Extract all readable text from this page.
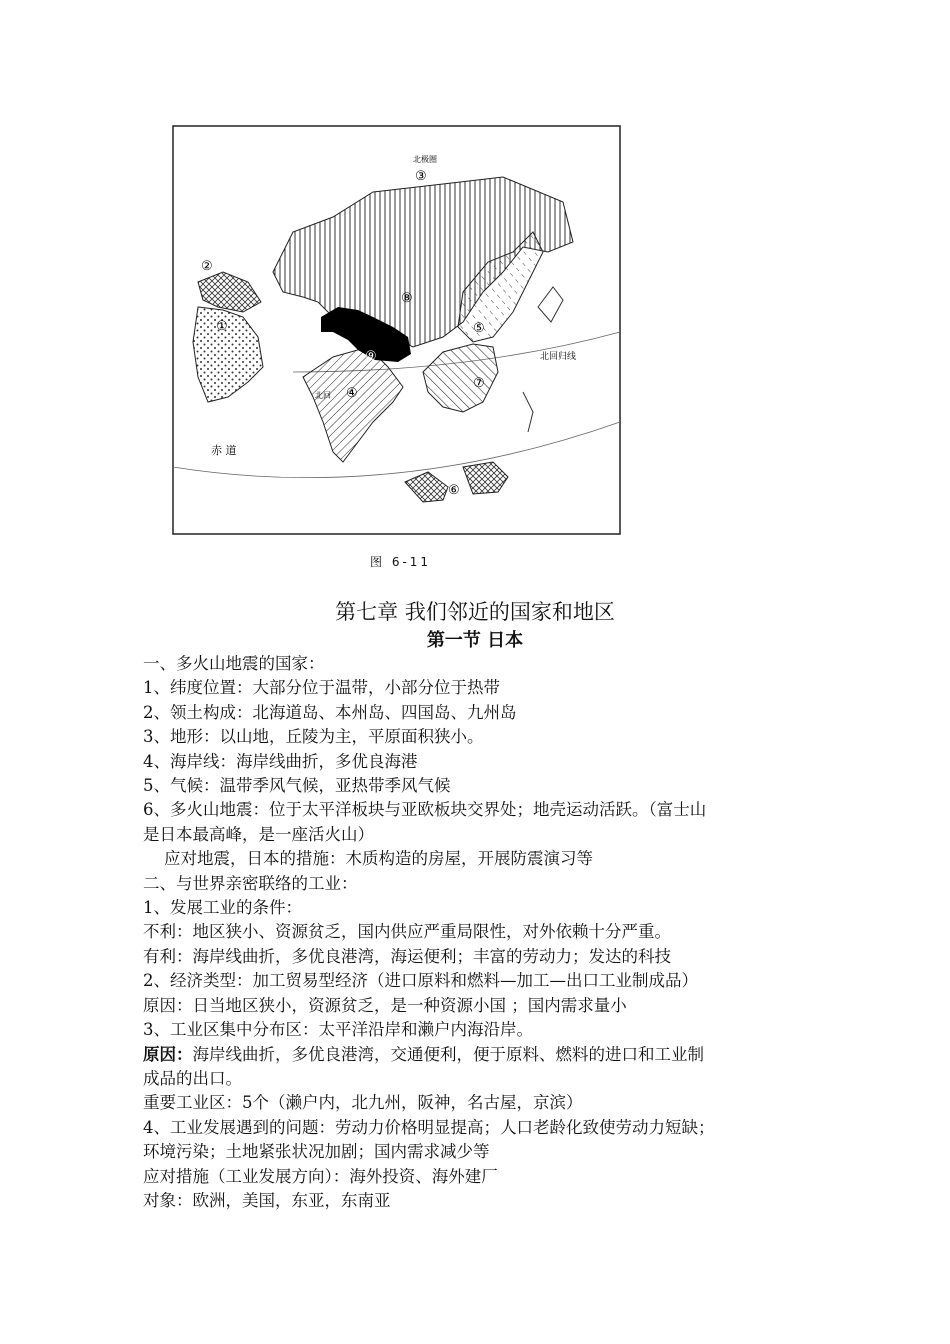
①
②
③
④
⑤
⑥
⑦
⑧
⑨
赤 道
北回归线
北回
北极圈
图 6-11
第七章 我们邻近的国家和地区
第一节 日本

一、多火山地震的国家：

1、纬度位置：大部分位于温带，小部分位于热带

2、领土构成：北海道岛、本州岛、四国岛、九州岛

3、地形：以山地，丘陵为主，平原面积狭小。

4、海岸线：海岸线曲折，多优良海港

5、气候：温带季风气候，亚热带季风气候

6、多火山地震：位于太平洋板块与亚欧板块交界处；地壳运动活跃。（富士山

是日本最高峰，是一座活火山）

应对地震，日本的措施：木质构造的房屋，开展防震演习等

二、与世界亲密联络的工业：

1、发展工业的条件：

不利：地区狭小、资源贫乏，国内供应严重局限性，对外依赖十分严重。

有利：海岸线曲折，多优良港湾，海运便利；丰富的劳动力；发达的科技

2、经济类型：加工贸易型经济（进口原料和燃料—加工—出口工业制成品）

原因：日当地区狭小，资源贫乏，是一种资源小国 ；国内需求量小

3、工业区集中分布区：太平洋沿岸和濑户内海沿岸。

原因：海岸线曲折，多优良港湾，交通便利，便于原料、燃料的进口和工业制

成品的出口。

重要工业区：5个（濑户内，北九州，阪神，名古屋，京滨）

4、工业发展遇到的问题：劳动力价格明显提高；人口老龄化致使劳动力短缺；

环境污染；土地紧张状况加剧；国内需求减少等

应对措施（工业发展方向）：海外投资、海外建厂

对象：欧洲，美国，东亚，东南亚
